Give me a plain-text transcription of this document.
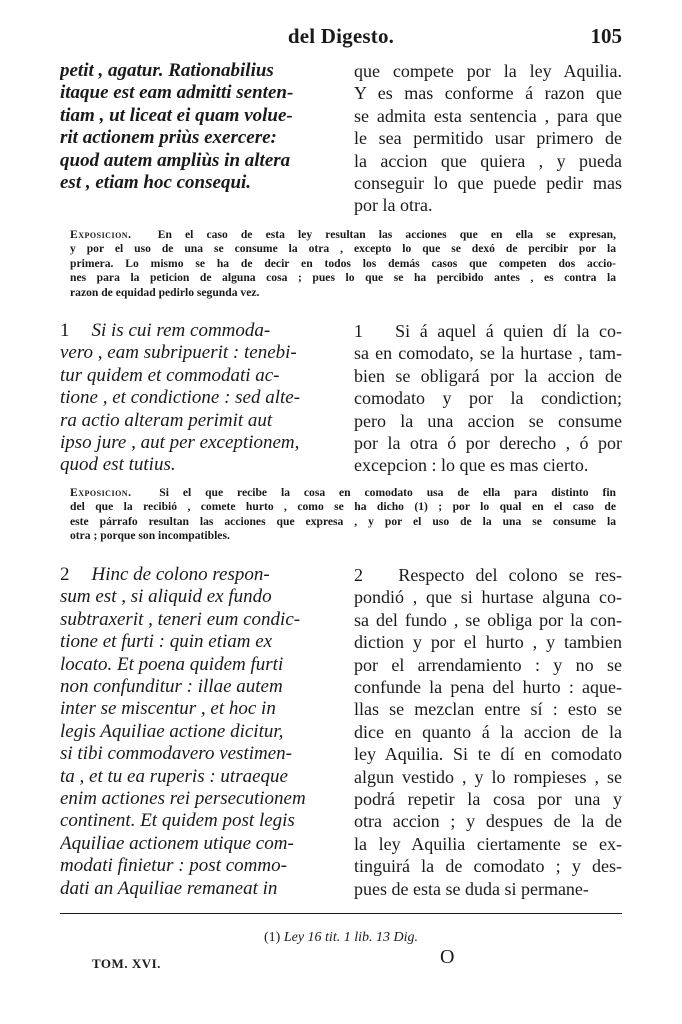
del Digesto.	105
petit , agatur. Rationabilius
itaque est eam admitti senten-
tiam , ut liceat ei quam volue-
rit actionem priùs exercere:
quod autem ampliùs in altera
est , etiam hoc consequi.
que compete por la ley Aquilia.
Y es mas conforme á razon que
se admita esta sentencia , para que
le sea permitido usar primero de
la accion que quiera , y pueda
conseguir lo que puede pedir mas
por la otra.
Exposicion. En el caso de esta ley resultan las acciones que en ella se expresan,
y por el uso de una se consume la otra , excepto lo que se dexó de percibir por la
primera. Lo mismo se ha de decir en todos los demás casos que competen dos accio-
nes para la peticion de alguna cosa ; pues lo que se ha percibido antes , es contra la
razon de equidad pedirlo segunda vez.
1 Si is cui rem commoda-
vero , eam subripuerit : tenebi-
tur quidem et commodati ac-
tione , et condictione : sed alte-
ra actio alteram perimit aut
ipso jure , aut per exceptionem,
quod est tutius.
1 Si á aquel á quien dí la co-
sa en comodato, se la hurtase , tam-
bien se obligará por la accion de
comodato y por la condiction;
pero la una accion se consume
por la otra ó por derecho , ó por
excepcion : lo que es mas cierto.
Exposicion. Si el que recibe la cosa en comodato usa de ella para distinto fin
del que la recibió , comete hurto , como se ha dicho (1) ; por lo qual en el caso de
este párrafo resultan las acciones que expresa , y por el uso de la una se consume la
otra ; porque son incompatibles.
2 Hinc de colono respon-
sum est , si aliquid ex fundo
subtraxerit , teneri eum condic-
tione et furti : quin etiam ex
locato. Et poena quidem furti
non confunditur : illae autem
inter se miscentur , et hoc in
legis Aquiliae actione dicitur,
si tibi commodavero vestimen-
ta , et tu ea ruperis : utraeque
enim actiones rei persecutionem
continent. Et quidem post legis
Aquiliae actionem utique com-
modati finietur : post commo-
dati an Aquiliae remaneat in
2 Respecto del colono se res-
pondió , que si hurtase alguna co-
sa del fundo , se obliga por la con-
diction y por el hurto , y tambien
por el arrendamiento : y no se
confunde la pena del hurto : aque-
llas se mezclan entre sí : esto se
dice en quanto á la accion de la
ley Aquilia. Si te dí en comodato
algun vestido , y lo rompieses , se
podrá repetir la cosa por una y
otra accion ; y despues de la de
la ley Aquilia ciertamente se ex-
tinguirá la de comodato ; y des-
pues de esta se duda si permane-
(1) Ley 16 tit. 1 lib. 13 Dig.
TOM. XVI.	O
